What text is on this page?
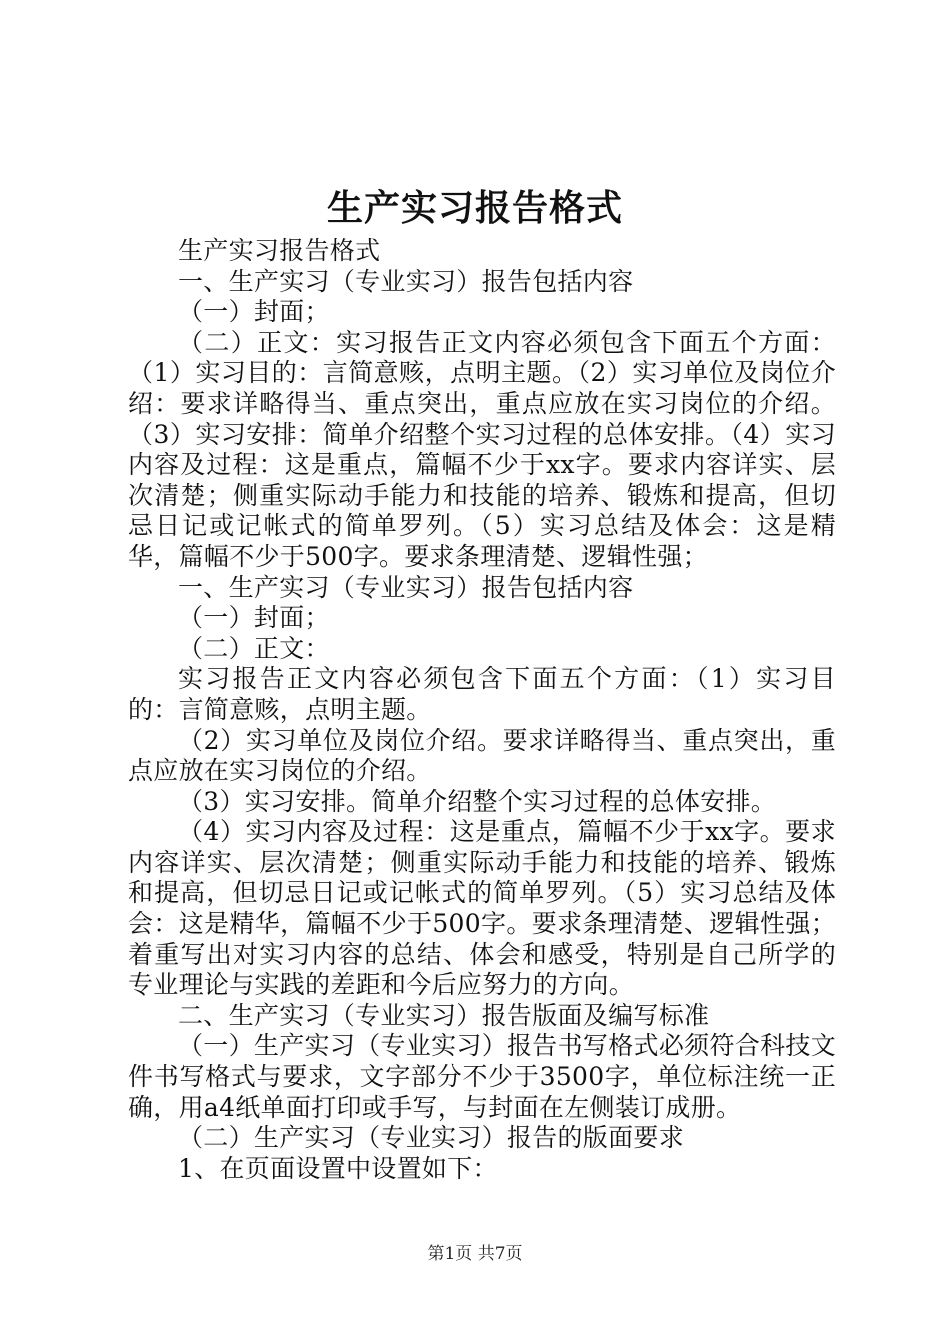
生产实习报告格式

生产实习报告格式

一、生产实习（专业实习）报告包括内容

（一）封面；

（二）正文：实习报告正文内容必须包含下面五个方面：（1）实习目的：言简意赅，点明主题。（2）实习单位及岗位介绍：要求详略得当、重点突出，重点应放在实习岗位的介绍。（3）实习安排：简单介绍整个实习过程的总体安排。（4）实习内容及过程：这是重点，篇幅不少于xx字。要求内容详实、层次清楚；侧重实际动手能力和技能的培养、锻炼和提高，但切忌日记或记帐式的简单罗列。（5）实习总结及体会：这是精华，篇幅不少于500字。要求条理清楚、逻辑性强；

一、生产实习（专业实习）报告包括内容

（一）封面；

（二）正文：

实习报告正文内容必须包含下面五个方面：（1）实习目的：言简意赅，点明主题。

（2）实习单位及岗位介绍。要求详略得当、重点突出，重点应放在实习岗位的介绍。

（3）实习安排。简单介绍整个实习过程的总体安排。

（4）实习内容及过程：这是重点，篇幅不少于xx字。要求内容详实、层次清楚；侧重实际动手能力和技能的培养、锻炼和提高，但切忌日记或记帐式的简单罗列。（5）实习总结及体会：这是精华，篇幅不少于500字。要求条理清楚、逻辑性强；着重写出对实习内容的总结、体会和感受，特别是自己所学的专业理论与实践的差距和今后应努力的方向。

二、生产实习（专业实习）报告版面及编写标准

（一）生产实习（专业实习）报告书写格式必须符合科技文件书写格式与要求，文字部分不少于3500字，单位标注统一正确，用a4纸单面打印或手写，与封面在左侧装订成册。

（二）生产实习（专业实习）报告的版面要求

1、在页面设置中设置如下：

第1页 共7页
